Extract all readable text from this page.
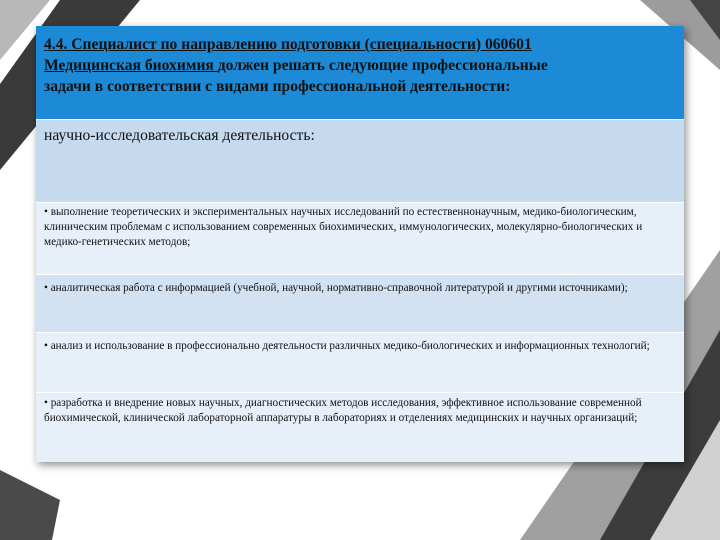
4.4. Специалист по направлению подготовки (специальности) 060601
Медицинская биохимия должен решать следующие профессиональные
задачи в соответствии с видами профессиональной деятельности:
научно-исследовательская деятельность:
• выполнение теоретических и экспериментальных научных исследований по естественнонаучным, медико-биологическим, клиническим проблемам с использованием современных биохимических, иммунологических, молекулярно-биологических и медико-генетических методов;
• аналитическая работа с информацией (учебной, научной, нормативно-справочной литературой и другими источниками);
• анализ и использование в профессионально деятельности различных медико-биологических и информационных технологий;
• разработка и внедрение новых научных, диагностических методов исследования, эффективное использование современной биохимической, клинической лабораторной аппаратуры в лабораториях и отделениях медицинских и научных организаций;
